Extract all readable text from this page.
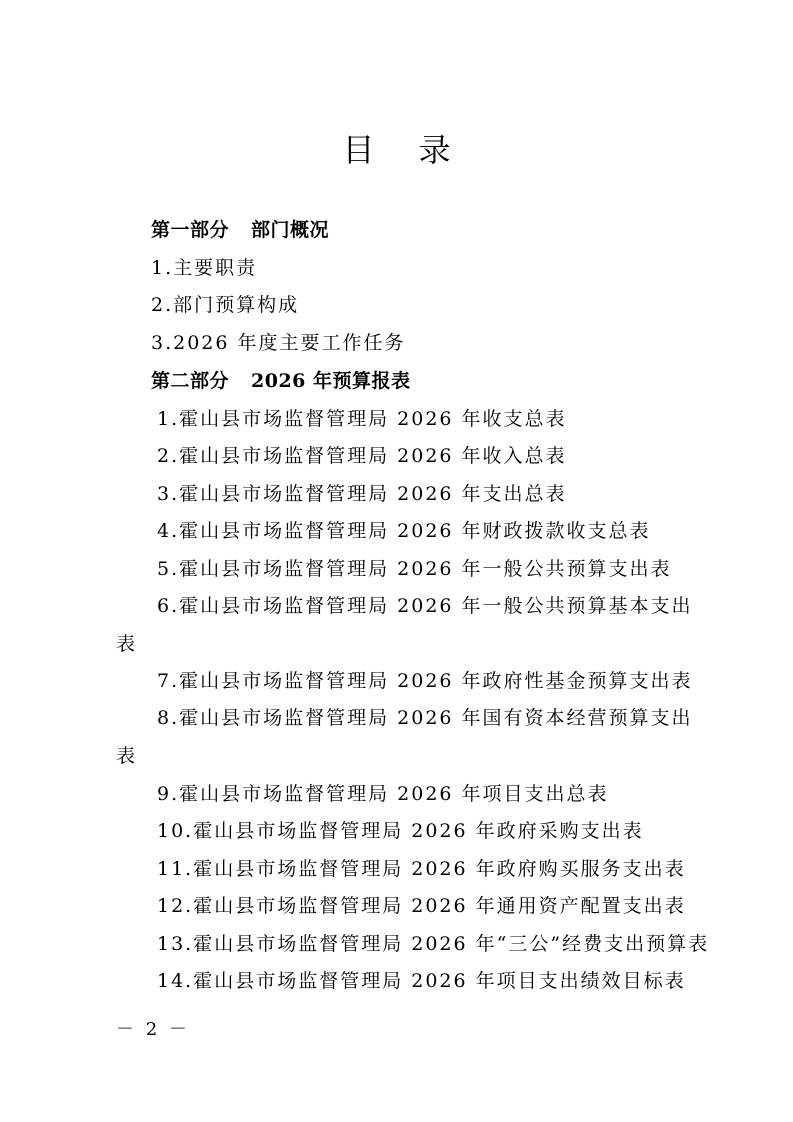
目录
第一部分 部门概况
1.主要职责
2.部门预算构成
3.2026 年度主要工作任务
第二部分 2026 年预算报表
1.霍山县市场监督管理局 2026 年收支总表
2.霍山县市场监督管理局 2026 年收入总表
3.霍山县市场监督管理局 2026 年支出总表
4.霍山县市场监督管理局 2026 年财政拨款收支总表
5.霍山县市场监督管理局 2026 年一般公共预算支出表
6.霍山县市场监督管理局 2026 年一般公共预算基本支出
表
7.霍山县市场监督管理局 2026 年政府性基金预算支出表
8.霍山县市场监督管理局 2026 年国有资本经营预算支出
表
9.霍山县市场监督管理局 2026 年项目支出总表
10.霍山县市场监督管理局 2026 年政府采购支出表
11.霍山县市场监督管理局 2026 年政府购买服务支出表
12.霍山县市场监督管理局 2026 年通用资产配置支出表
13.霍山县市场监督管理局 2026 年“三公”经费支出预算表
14.霍山县市场监督管理局 2026 年项目支出绩效目标表
－ 2 －
